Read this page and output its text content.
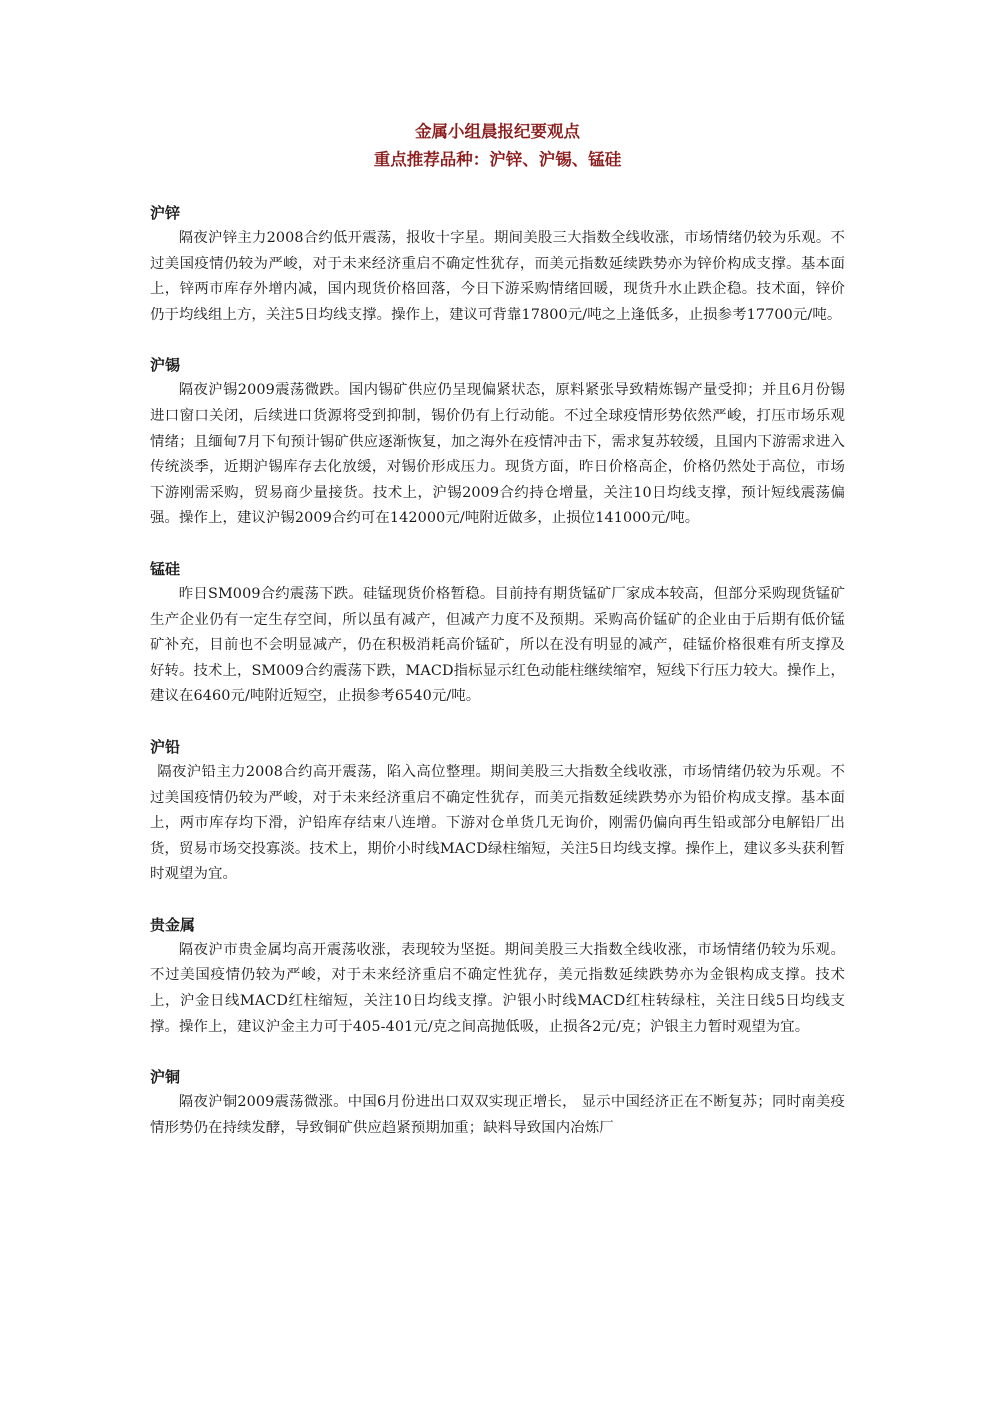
金属小组晨报纪要观点
重点推荐品种：沪锌、沪锡、锰硅
沪锌

隔夜沪锌主力2008合约低开震荡，报收十字星。期间美股三大指数全线收涨，市场情绪仍较为乐观。不过美国疫情仍较为严峻，对于未来经济重启不确定性犹存，而美元指数延续跌势亦为锌价构成支撑。基本面上，锌两市库存外增内减，国内现货价格回落，今日下游采购情绪回暖，现货升水止跌企稳。技术面，锌价仍于均线组上方，关注5日均线支撑。操作上，建议可背靠17800元/吨之上逢低多，止损参考17700元/吨。

沪锡

隔夜沪锡2009震荡微跌。国内锡矿供应仍呈现偏紧状态，原料紧张导致精炼锡产量受抑；并且6月份锡进口窗口关闭，后续进口货源将受到抑制，锡价仍有上行动能。不过全球疫情形势依然严峻，打压市场乐观情绪；且缅甸7月下旬预计锡矿供应逐渐恢复，加之海外在疫情冲击下，需求复苏较缓，且国内下游需求进入传统淡季，近期沪锡库存去化放缓，对锡价形成压力。现货方面，昨日价格高企，价格仍然处于高位，市场下游刚需采购，贸易商少量接货。技术上，沪锡2009合约持仓增量，关注10日均线支撑，预计短线震荡偏强。操作上，建议沪锡2009合约可在142000元/吨附近做多，止损位141000元/吨。

锰硅

昨日SM009合约震荡下跌。硅锰现货价格暂稳。目前持有期货锰矿厂家成本较高，但部分采购现货锰矿生产企业仍有一定生存空间，所以虽有减产，但减产力度不及预期。采购高价锰矿的企业由于后期有低价锰矿补充，目前也不会明显减产，仍在积极消耗高价锰矿，所以在没有明显的减产，硅锰价格很难有所支撑及好转。技术上，SM009合约震荡下跌，MACD指标显示红色动能柱继续缩窄，短线下行压力较大。操作上，建议在6460元/吨附近短空，止损参考6540元/吨。

沪铅

隔夜沪铅主力2008合约高开震荡，陷入高位整理。期间美股三大指数全线收涨，市场情绪仍较为乐观。不过美国疫情仍较为严峻，对于未来经济重启不确定性犹存，而美元指数延续跌势亦为铅价构成支撑。基本面上，两市库存均下滑，沪铅库存结束八连增。下游对仓单货几无询价，刚需仍偏向再生铅或部分电解铅厂出货，贸易市场交投寡淡。技术上，期价小时线MACD绿柱缩短，关注5日均线支撑。操作上，建议多头获利暂时观望为宜。

贵金属

隔夜沪市贵金属均高开震荡收涨，表现较为坚挺。期间美股三大指数全线收涨，市场情绪仍较为乐观。不过美国疫情仍较为严峻，对于未来经济重启不确定性犹存，美元指数延续跌势亦为金银构成支撑。技术上，沪金日线MACD红柱缩短，关注10日均线支撑。沪银小时线MACD红柱转绿柱，关注日线5日均线支撑。操作上，建议沪金主力可于405-401元/克之间高抛低吸，止损各2元/克；沪银主力暂时观望为宜。

沪铜

隔夜沪铜2009震荡微涨。中国6月份进出口双双实现正增长， 显示中国经济正在不断复苏；同时南美疫情形势仍在持续发酵，导致铜矿供应趋紧预期加重；缺料导致国内冶炼厂
